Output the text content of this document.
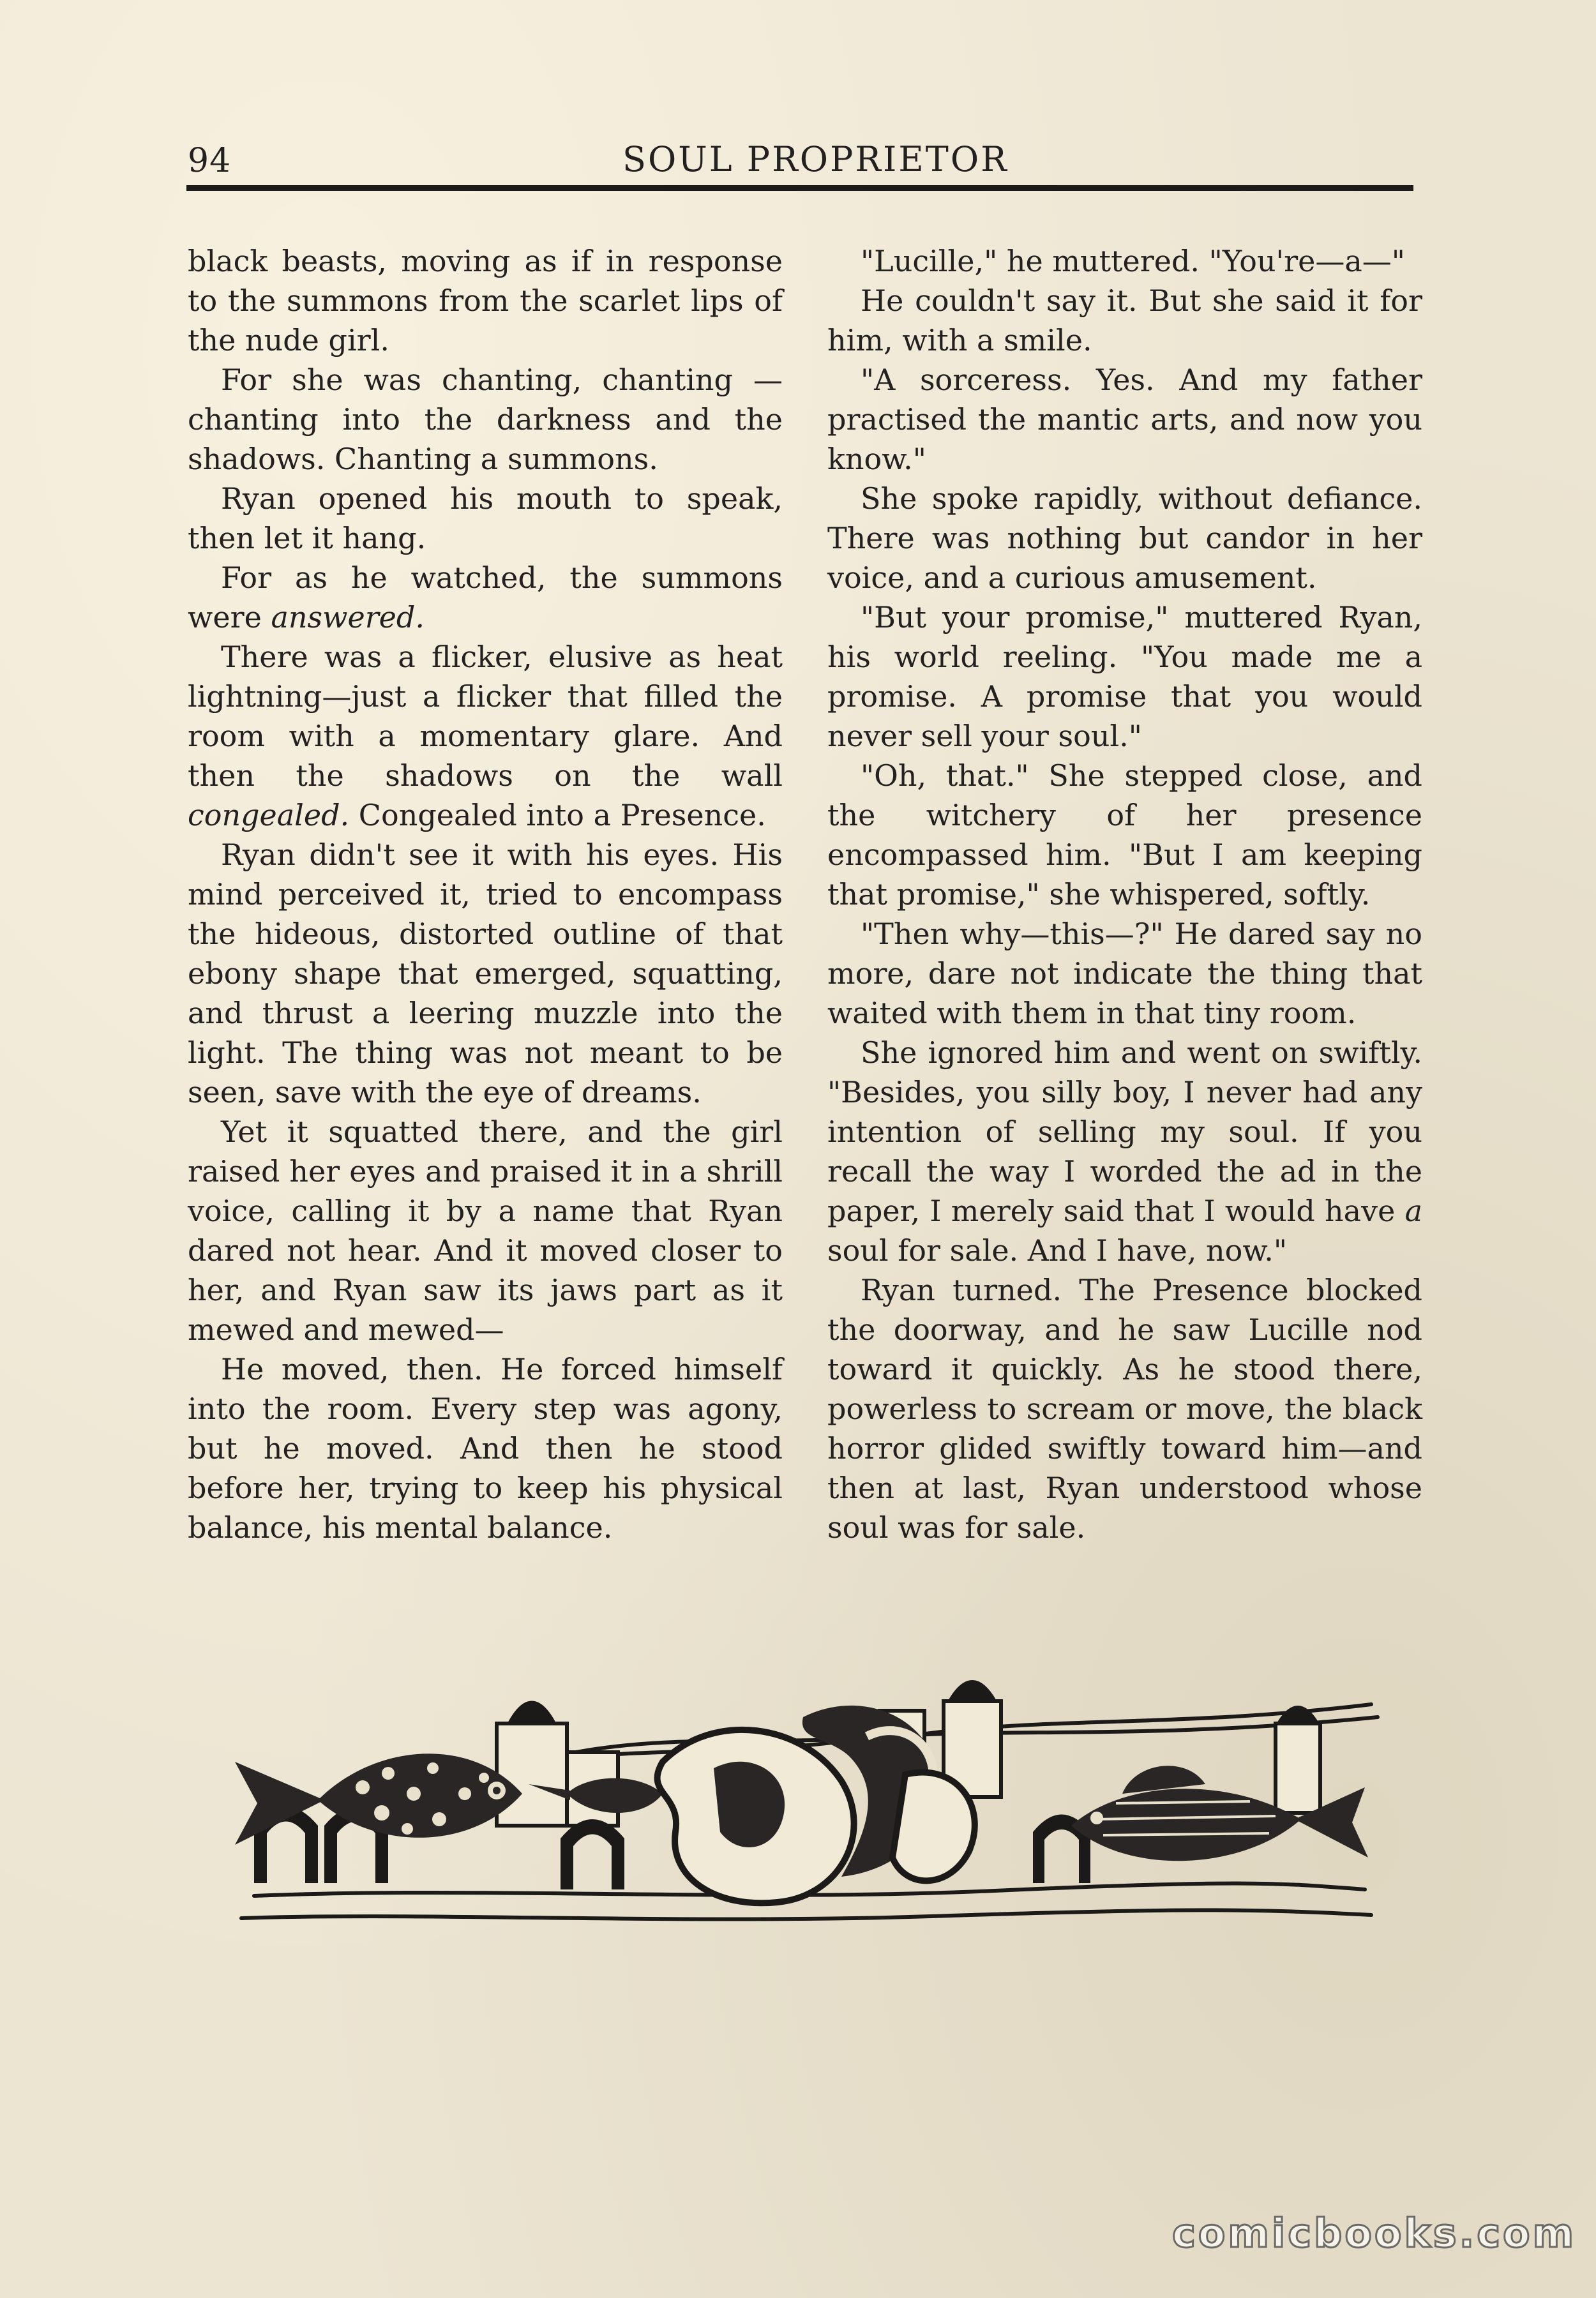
94	SOUL PROPRIETOR

black beasts, moving as if in response to the summons from the scarlet lips of the nude girl.

For she was chanting, chanting — chanting into the darkness and the shadows. Chanting a summons.

Ryan opened his mouth to speak, then let it hang.

For as he watched, the summons were answered.

There was a flicker, elusive as heat lightning—just a flicker that filled the room with a momentary glare. And then the shadows on the wall congealed. Congealed into a Presence.

Ryan didn't see it with his eyes. His mind perceived it, tried to encompass the hideous, distorted outline of that ebony shape that emerged, squatting, and thrust a leering muzzle into the light. The thing was not meant to be seen, save with the eye of dreams.

Yet it squatted there, and the girl raised her eyes and praised it in a shrill voice, calling it by a name that Ryan dared not hear. And it moved closer to her, and Ryan saw its jaws part as it mewed and mewed—

He moved, then. He forced himself into the room. Every step was agony, but he moved. And then he stood before her, trying to keep his physical balance, his mental balance.

"Lucille," he muttered. "You're—a—"

He couldn't say it. But she said it for him, with a smile.

"A sorceress. Yes. And my father practised the mantic arts, and now you know."

She spoke rapidly, without defiance. There was nothing but candor in her voice, and a curious amusement.

"But your promise," muttered Ryan, his world reeling. "You made me a promise. A promise that you would never sell your soul."

"Oh, that." She stepped close, and the witchery of her presence encompassed him. "But I am keeping that promise," she whispered, softly.

"Then why—this—?" He dared say no more, dare not indicate the thing that waited with them in that tiny room.

She ignored him and went on swiftly. "Besides, you silly boy, I never had any intention of selling my soul. If you recall the way I worded the ad in the paper, I merely said that I would have a soul for sale. And I have, now."

Ryan turned. The Presence blocked the doorway, and he saw Lucille nod toward it quickly. As he stood there, powerless to scream or move, the black horror glided swiftly toward him—and then at last, Ryan understood whose soul was for sale.

comicbooks.com
